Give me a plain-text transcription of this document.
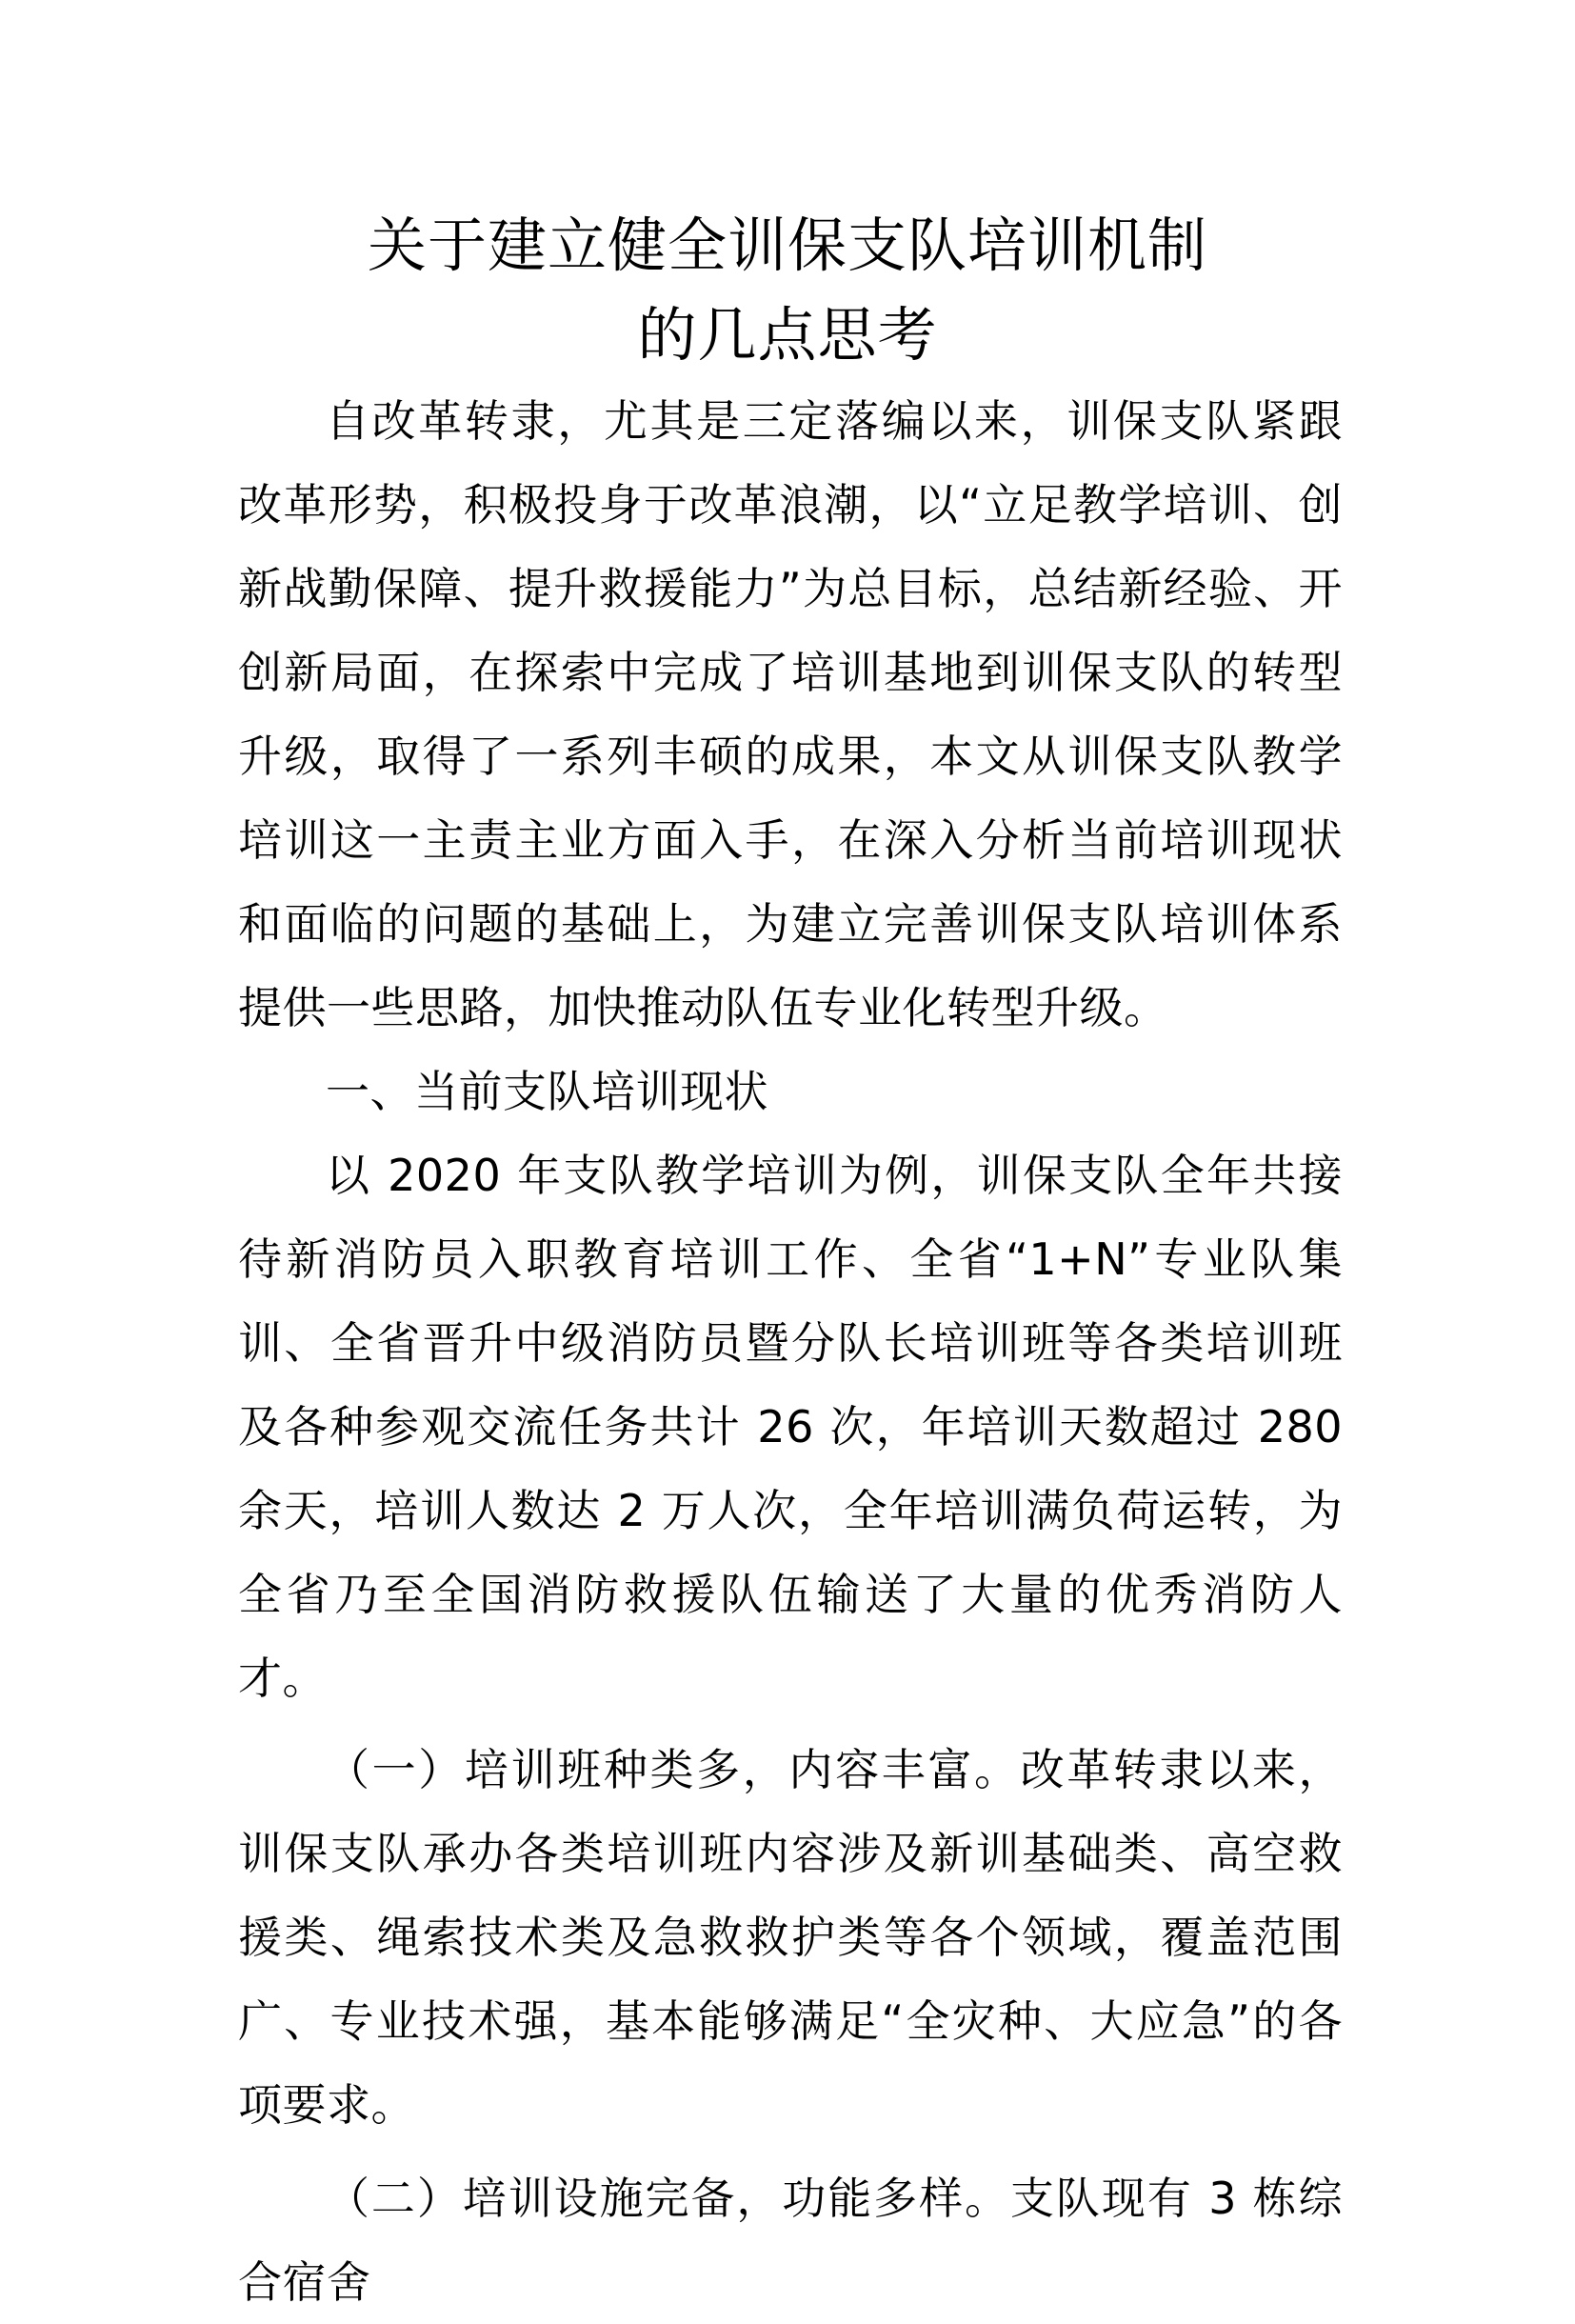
关于建立健全训保支队培训机制
的几点思考

自改革转隶，尤其是三定落编以来，训保支队紧跟改革形势，积极投身于改革浪潮，以“立足教学培训、创新战勤保障、提升救援能力”为总目标，总结新经验、开创新局面，在探索中完成了培训基地到训保支队的转型升级，取得了一系列丰硕的成果，本文从训保支队教学培训这一主责主业方面入手，在深入分析当前培训现状和面临的问题的基础上，为建立完善训保支队培训体系提供一些思路，加快推动队伍专业化转型升级。

一、当前支队培训现状

以 2020 年支队教学培训为例，训保支队全年共接待新消防员入职教育培训工作、全省“1+N”专业队集训、全省晋升中级消防员暨分队长培训班等各类培训班及各种参观交流任务共计 26 次，年培训天数超过 280 余天，培训人数达 2 万人次，全年培训满负荷运转，为全省乃至全国消防救援队伍输送了大量的优秀消防人才。

（一）培训班种类多，内容丰富。改革转隶以来，训保支队承办各类培训班内容涉及新训基础类、高空救援类、绳索技术类及急救救护类等各个领域，覆盖范围广、专业技术强，基本能够满足“全灾种、大应急”的各项要求。

（二）培训设施完备，功能多样。支队现有 3 栋综合宿舍
